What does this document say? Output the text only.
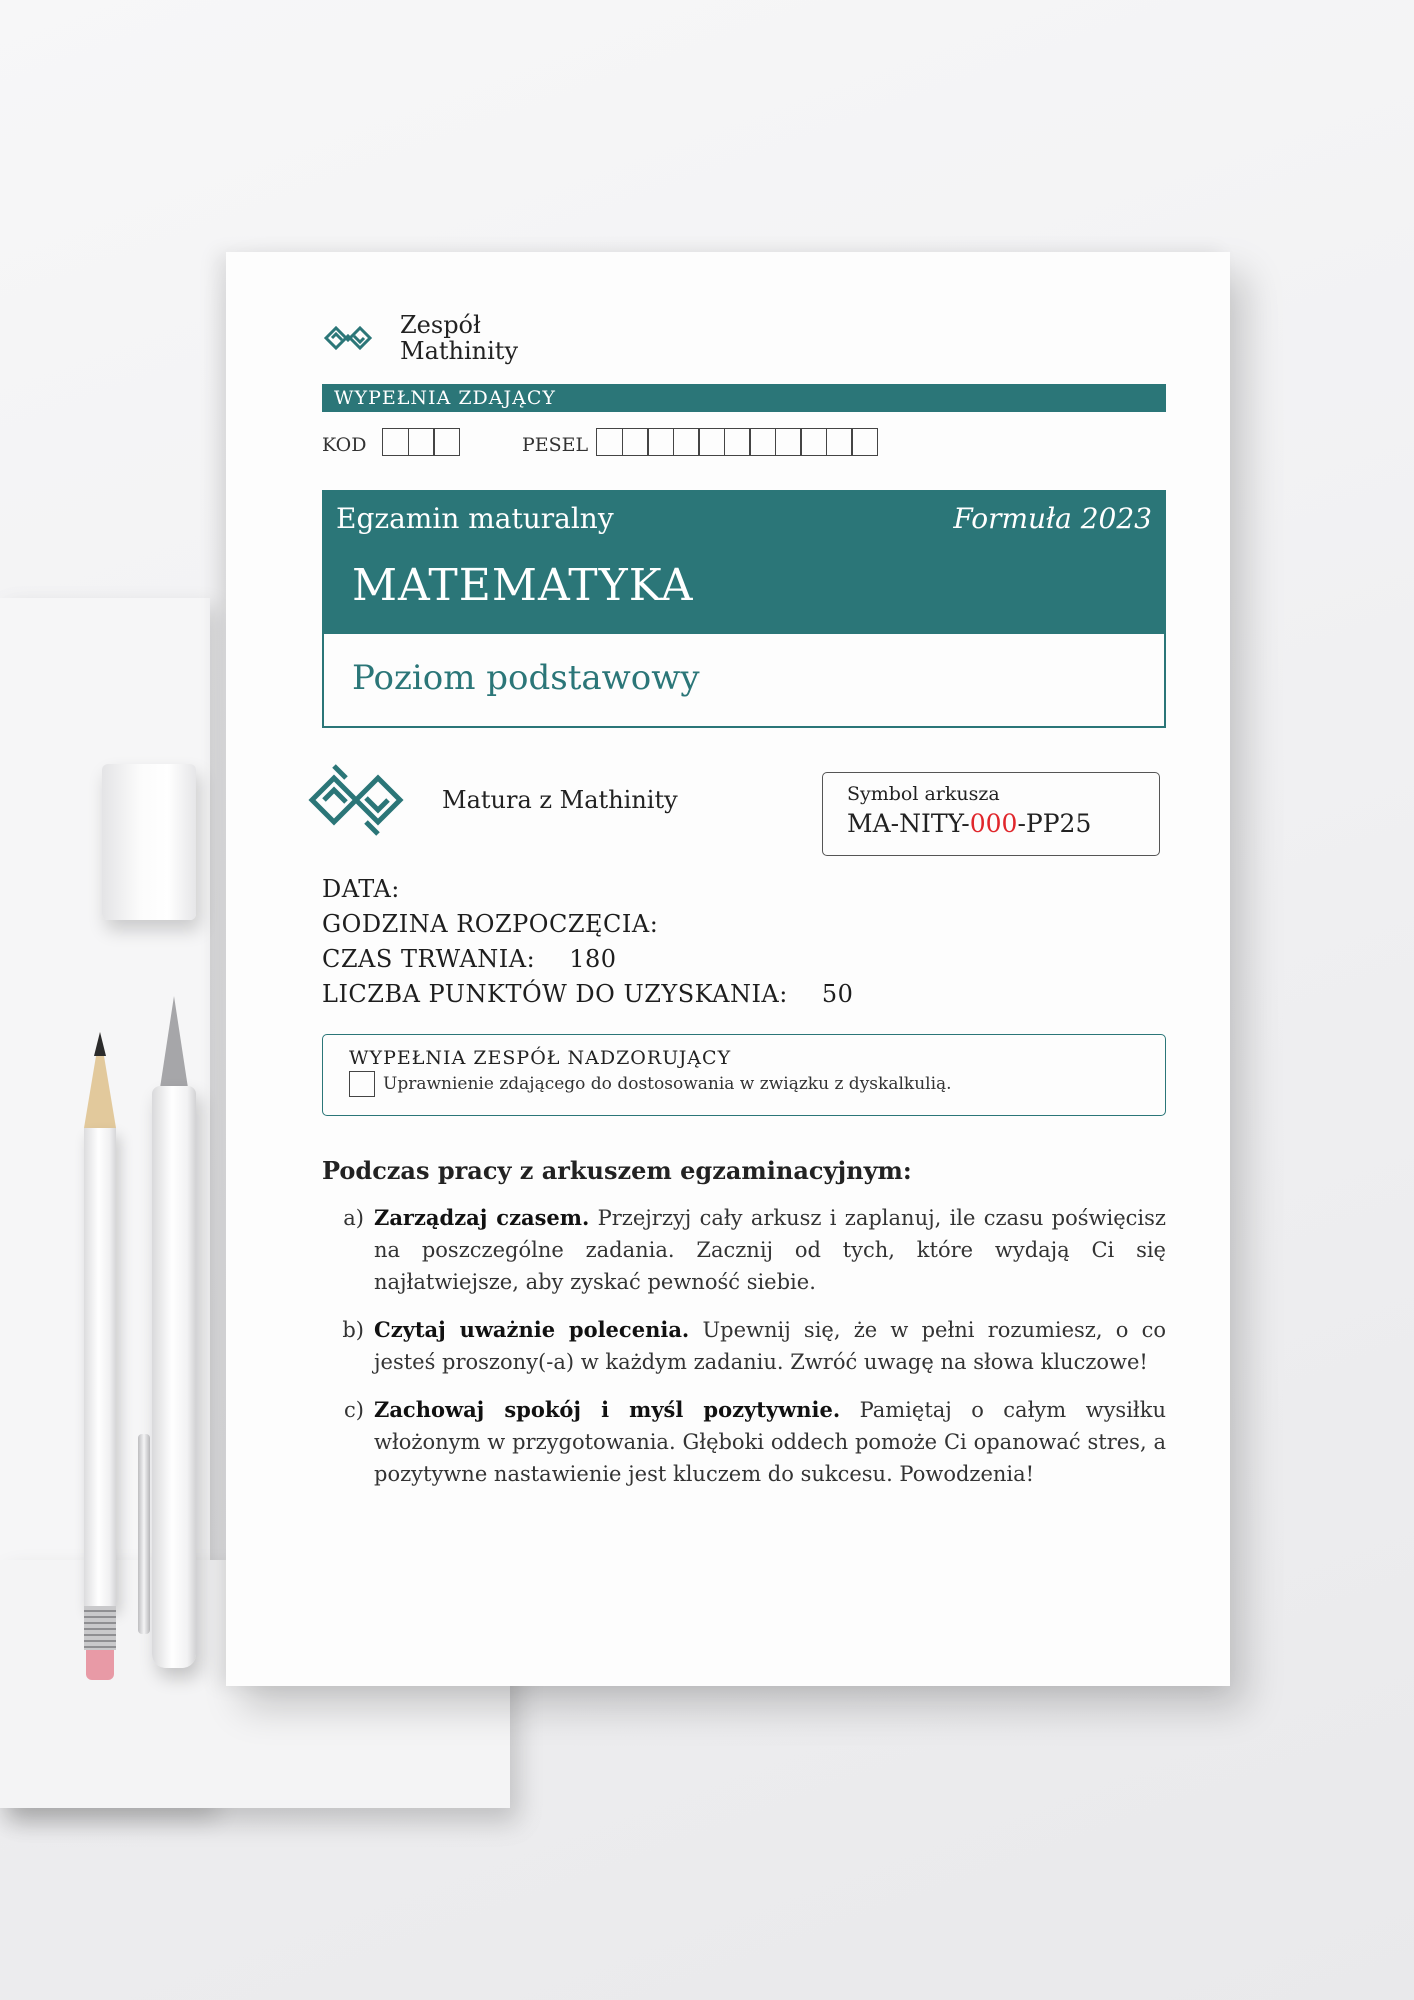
Zespół
Mathinity
WYPEŁNIA ZDAJĄCY
KOD	PESEL
Egzamin maturalny	Formuła 2023
MATEMATYKA
Poziom podstawowy
Matura z Mathinity	Symbol arkusza
MA-NITY-000-PP25
DATA:
GODZINA ROZPOCZĘCIA:
CZAS TRWANIA: 180
LICZBA PUNKTÓW DO UZYSKANIA: 50
WYPEŁNIA ZESPÓŁ NADZORUJĄCY
Uprawnienie zdającego do dostosowania w związku z dyskalkulią.
Podczas pracy z arkuszem egzaminacyjnym:
a) Zarządzaj czasem. Przejrzyj cały arkusz i zaplanuj, ile czasu poświęcisz na poszczególne zadania. Zacznij od tych, które wydają Ci się najłatwiejsze, aby zyskać pewność siebie.
b) Czytaj uważnie polecenia. Upewnij się, że w pełni rozumiesz, o co jesteś proszony(-a) w każdym zadaniu. Zwróć uwagę na słowa kluczowe!
c) Zachowaj spokój i myśl pozytywnie. Pamiętaj o całym wysiłku włożonym w przygotowania. Głęboki oddech pomoże Ci opanować stres, a pozytywne nastawienie jest kluczem do sukcesu. Powodzenia!
